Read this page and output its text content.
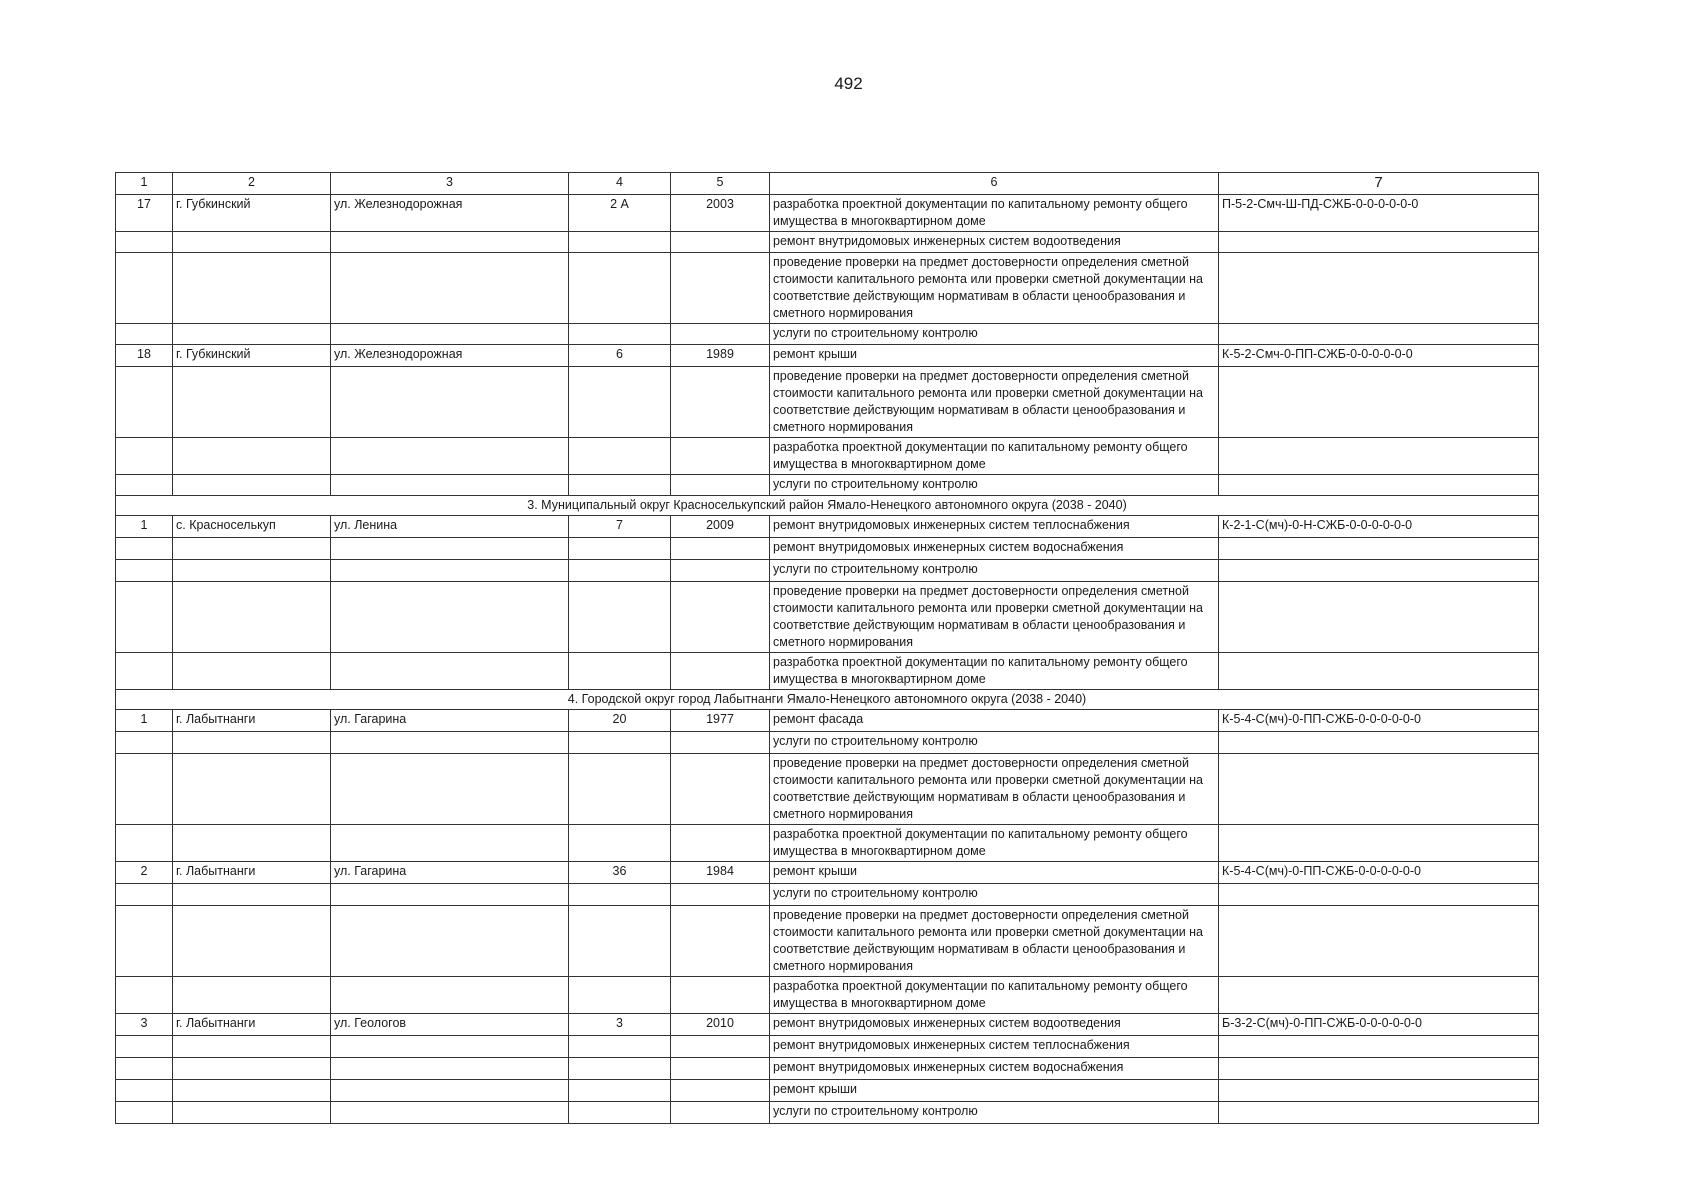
492
1	2	3	4	5	6	7
17	г. Губкинский	ул. Железнодорожная	2 А	2003	разработка проектной документации по капитальному ремонту общего имущества в многоквартирном доме	П-5-2-Смч-Ш-ПД-СЖБ-0-0-0-0-0-0
					ремонт внутридомовых инженерных систем водоотведения	
					проведение проверки на предмет достоверности определения сметной стоимости капитального ремонта или проверки сметной документации на соответствие действующим нормативам в области ценообразования и сметного нормирования	
					услуги по строительному контролю	
18	г. Губкинский	ул. Железнодорожная	6	1989	ремонт крыши	К-5-2-Смч-0-ПП-СЖБ-0-0-0-0-0-0
					проведение проверки на предмет достоверности определения сметной стоимости капитального ремонта или проверки сметной документации на соответствие действующим нормативам в области ценообразования и сметного нормирования	
					разработка проектной документации по капитальному ремонту общего имущества в многоквартирном доме	
					услуги по строительному контролю	
3. Муниципальный округ Красноселькупский район Ямало-Ненецкого автономного округа (2038 - 2040)						
1	с. Красноселькуп	ул. Ленина	7	2009	ремонт внутридомовых инженерных систем теплоснабжения	К-2-1-С(мч)-0-Н-СЖБ-0-0-0-0-0-0
					ремонт внутридомовых инженерных систем водоснабжения	
					услуги по строительному контролю	
					проведение проверки на предмет достоверности определения сметной стоимости капитального ремонта или проверки сметной документации на соответствие действующим нормативам в области ценообразования и сметного нормирования	
					разработка проектной документации по капитальному ремонту общего имущества в многоквартирном доме	
4. Городской округ город Лабытнанги Ямало-Ненецкого автономного округа (2038 - 2040)						
1	г. Лабытнанги	ул. Гагарина	20	1977	ремонт фасада	К-5-4-С(мч)-0-ПП-СЖБ-0-0-0-0-0-0
					услуги по строительному контролю	
					проведение проверки на предмет достоверности определения сметной стоимости капитального ремонта или проверки сметной документации на соответствие действующим нормативам в области ценообразования и сметного нормирования	
					разработка проектной документации по капитальному ремонту общего имущества в многоквартирном доме	
2	г. Лабытнанги	ул. Гагарина	36	1984	ремонт крыши	К-5-4-С(мч)-0-ПП-СЖБ-0-0-0-0-0-0
					услуги по строительному контролю	
					проведение проверки на предмет достоверности определения сметной стоимости капитального ремонта или проверки сметной документации на соответствие действующим нормативам в области ценообразования и сметного нормирования	
					разработка проектной документации по капитальному ремонту общего имущества в многоквартирном доме	
3	г. Лабытнанги	ул. Геологов	3	2010	ремонт внутридомовых инженерных систем водоотведения	Б-3-2-С(мч)-0-ПП-СЖБ-0-0-0-0-0-0
					ремонт внутридомовых инженерных систем теплоснабжения	
					ремонт внутридомовых инженерных систем водоснабжения	
					ремонт крыши	
					услуги по строительному контролю	
